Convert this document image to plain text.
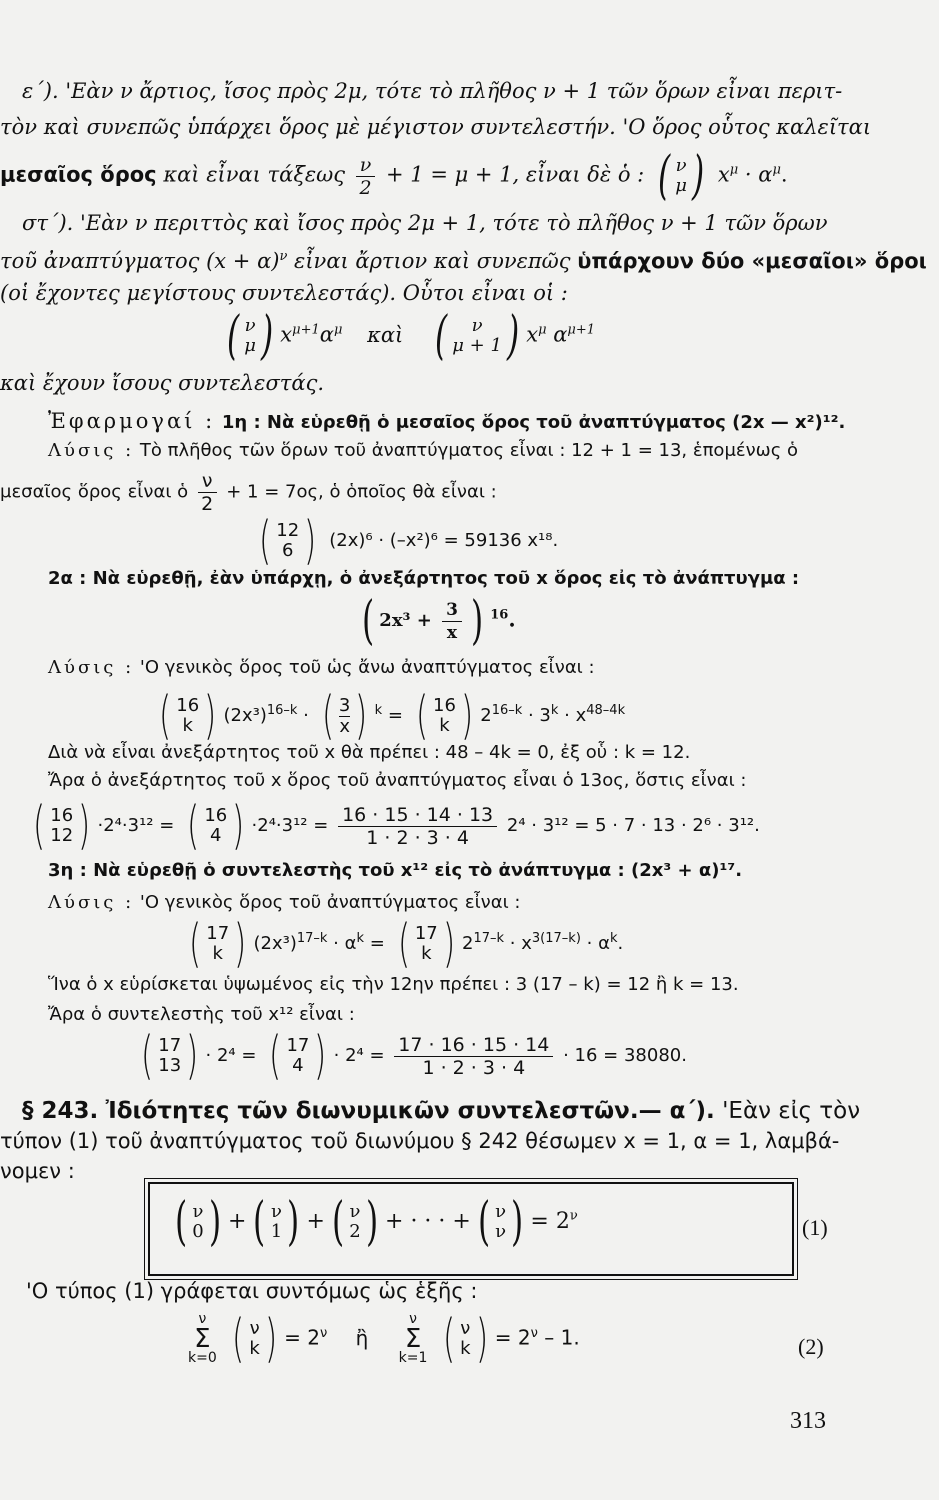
ε΄). 'Εὰν ν ἄρτιος, ἴσος πρὸς 2μ, τότε τὸ πλῆθος ν + 1 τῶν ὅρων εἶναι περιτ-
τὸν καὶ συνεπῶς ὑπάρχει ὅρος μὲ μέγιστον συντελεστήν. 'Ο ὅρος οὗτος καλεῖται
μεσαῖος ὅρος καὶ εἶναι τάξεως $\frac{\nu}{2} + 1 = \mu + 1$, εἶναι δὲ ὁ : ( ν
μ ) $x^\mu \cdot \alpha^\mu$.
στ΄). 'Εὰν ν περιττὸς καὶ ἴσος πρὸς 2μ + 1, τότε τὸ πλῆθος ν + 1 τῶν ὅρων
τοῦ ἀναπτύγματος $(x + \alpha)^\nu$ εἶναι ἄρτιον καὶ συνεπῶς ὑπάρχουν δύο «μεσαῖοι» ὅροι
(οἱ ἔχοντες μεγίστους συντελεστάς). Οὗτοι εἶναι οἱ :
( ν
μ ) $x^{\mu+1}\alpha^\mu$ καὶ ( ν
μ + 1 ) $x^\mu$ $\alpha^{\mu+1}$
καὶ ἔχουν ἴσους συντελεστάς.
Ἐφαρμογαί : 1η : Νὰ εὑρεθῇ ὁ μεσαῖος ὅρος τοῦ ἀναπτύγματος (2x — x²)¹².
Λύσις : Τὸ πλῆθος τῶν ὅρων τοῦ ἀναπτύγματος εἶναι : 12 + 1 = 13, ἑπομένως ὁ
μεσαῖος ὅρος εἶναι ὁ $\frac{\nu}{2} + 1 = 7o\varsigma$, ὁ ὁποῖος θὰ εἶναι :
( 12
6 ) (2x)⁶ · (–x²)⁶ = 59136 x¹⁸.
2α : Νὰ εὑρεθῇ, ἐὰν ὑπάρχῃ, ὁ ἀνεξάρτητος τοῦ x ὅρος εἰς τὸ ἀνάπτυγμα :
( 2x³ +
$\frac{3}{x}$ ) $^{16}$.
Λύσις : 'Ο γενικὸς ὅρος τοῦ ὡς ἄνω ἀναπτύγματος εἶναι :
( 16
k ) $(2x^3)^{16-k}$ · ( 3
x ) $^k$ = ( 16
k ) $2^{16-k} \cdot 3^k \cdot x^{48-4k}$
Διὰ νὰ εἶναι ἀνεξάρτητος τοῦ x θὰ πρέπει : 48 – 4k = 0, ἐξ οὗ : k = 12.
Ἄρα ὁ ἀνεξάρτητος τοῦ x ὅρος τοῦ ἀναπτύγματος εἶναι ὁ 13ος, ὅστις εἶναι :
( 16
12 ) ·2⁴·3¹² = ( 16
4 ) $\cdot 2^4\cdot 3^{12} = \frac{16 \cdot 15 \cdot 14 \cdot 13}{1 \cdot 2 \cdot 3 \cdot 4} 2^4 \cdot 3^{12} = 5 \cdot 7 \cdot 13 \cdot 2^6 \cdot 3^{12}$.
3η : Νὰ εὑρεθῇ ὁ συντελεστὴς τοῦ x¹² εἰς τὸ ἀνάπτυγμα : (2x³ + α)¹⁷.
Λύσις : 'Ο γενικὸς ὅρος τοῦ ἀναπτύγματος εἶναι :
( 17
k ) $(2x^3)^{17-k} \cdot \alpha^k$ = ( 17
k ) $2^{17-k} \cdot x^{3(17-k)} \cdot \alpha^k$.
Ἵνα ὁ x εὑρίσκεται ὑψωμένος εἰς τὴν 12ην πρέπει : 3 (17 – k) = 12 ἢ k = 13.
Ἄρα ὁ συντελεστὴς τοῦ x¹² εἶναι :
( 17
13 ) · 2⁴ = ( 17
4 ) · $2^4 = \frac{17 \cdot 16 \cdot 15 \cdot 14}{1 \cdot 2 \cdot 3 \cdot 4} \cdot 16 = 38080$.
§ 243. Ἰδιότητες τῶν διωνυμικῶν συντελεστῶν.— α΄). 'Εὰν εἰς τὸν
τύπον (1) τοῦ ἀναπτύγματος τοῦ διωνύμου § 242 θέσωμεν x = 1, α = 1, λαμβά-
νομεν :
( ν
0 ) + ( ν
1 ) + ( ν
2 ) + · · · + ( ν
ν ) = $2^\nu$	(1)
'Ο τύπος (1) γράφεται συντόμως ὡς ἑξῆς :
ν
Σ
k=0
( ν
k ) = $2^\nu$ ἢ
ν
Σ
k=1
( ν
k ) = $2^\nu - 1$.	(2)
313
